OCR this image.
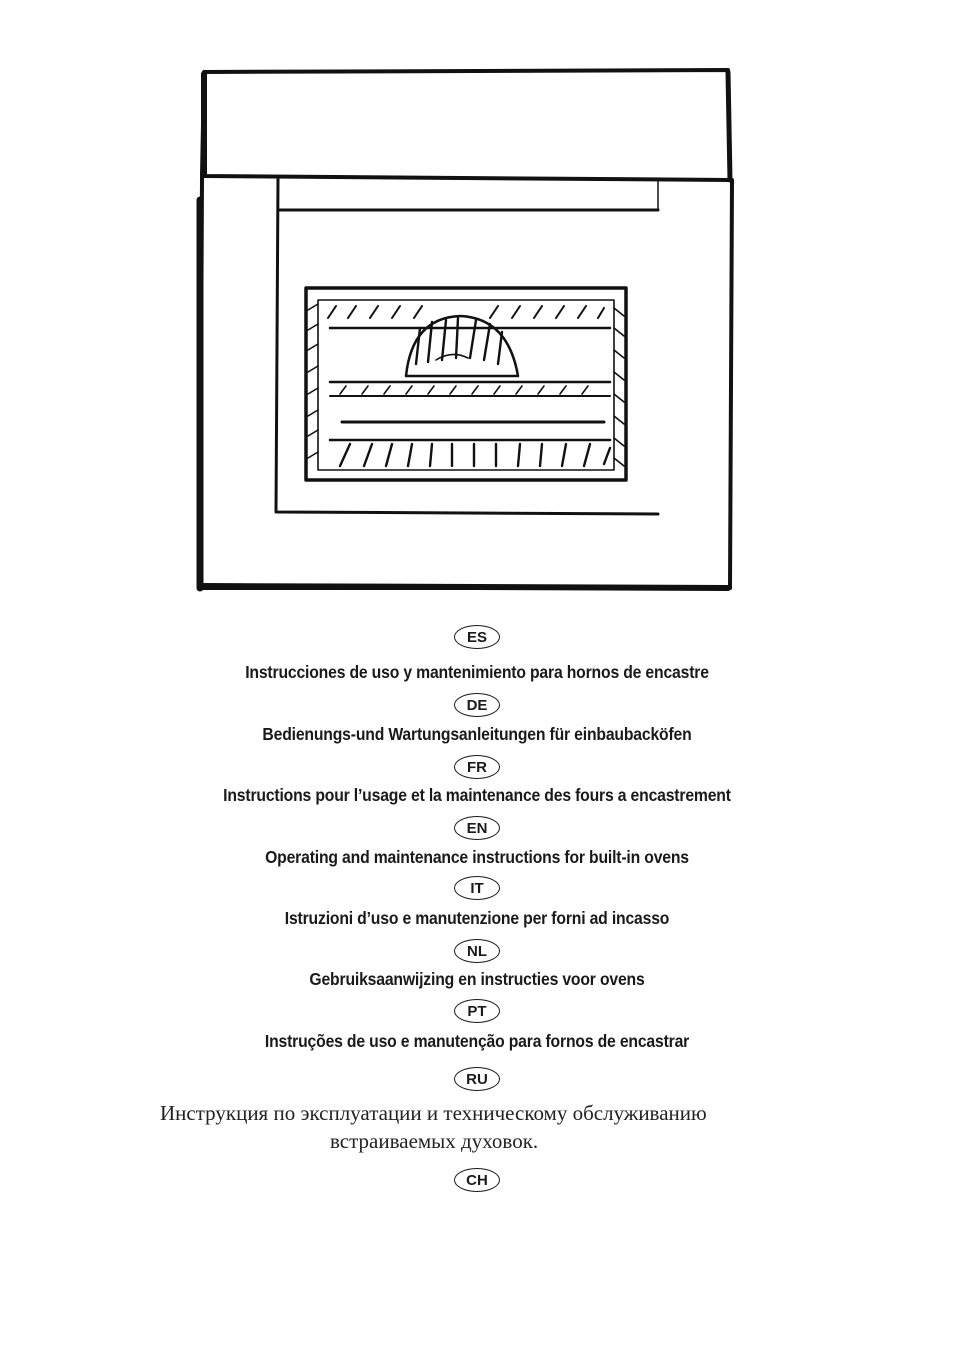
ES
Instrucciones de uso y mantenimiento para hornos de encastre
DE
Bedienungs-und Wartungsanleitungen für einbaubacköfen
FR
Instructions pour l’usage et la maintenance des fours a encastrement
EN
Operating and maintenance instructions for built-in ovens
IT
Istruzioni d’uso e manutenzione per forni ad incasso
NL
Gebruiksaanwijzing en instructies voor ovens
PT
Instruções de uso e manutenção para fornos de encastrar
RU
Инструкция по эксплуатации и техническому обслуживанию
встраиваемых духовок.
CH
